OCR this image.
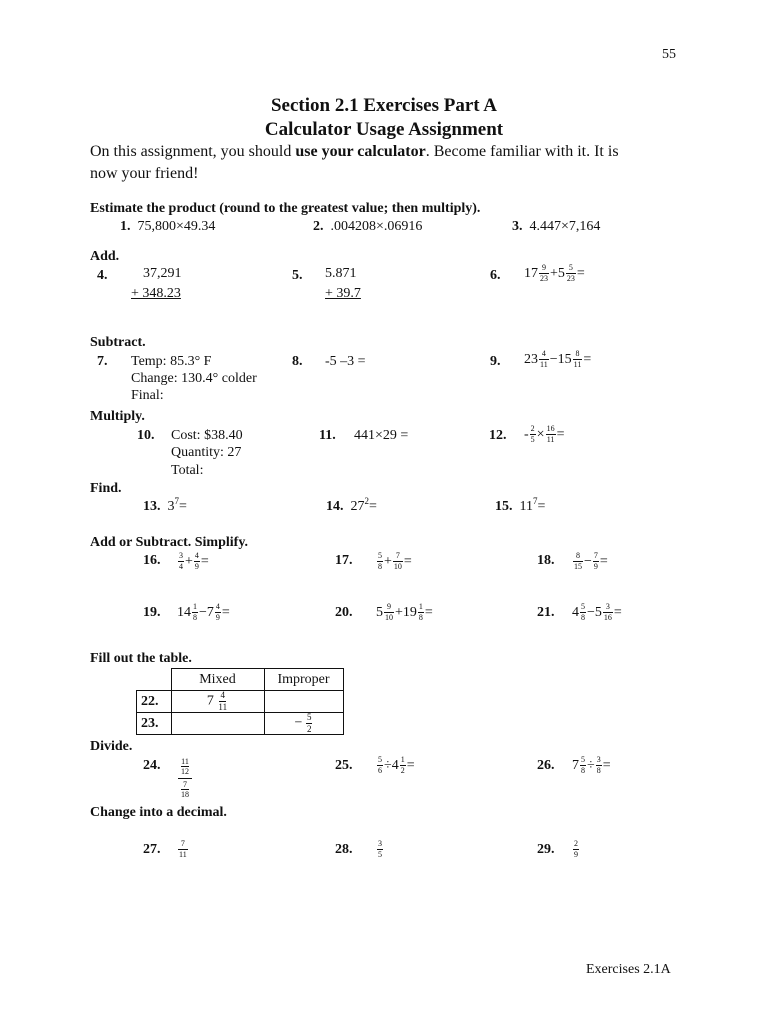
55
Section 2.1 Exercises Part A
Calculator Usage Assignment
On this assignment, you should use your calculator. Become familiar with it. It is
now your friend!
Estimate the product (round to the greatest value; then multiply).
1. 75,800×49.34	2. .004208×.06916	3. 4.447×7,164
Add.
4.	37,291
+ 348.23
5. 5.871
+ 39.7
6. $17 \frac{9}{23} +5 \frac{5}{23}$ =
Subtract.
7. Temp: 85.3° F
Change: 130.4° colder
Final:
8. -5 –3 =	9. $23 \frac{4}{11} -15 \frac{8}{11}$ =
Multiply.
10. Cost: $38.40
Quantity: 27
Total:
11. 441×29 =	12. - $\frac{2}{5} \times \frac{16}{11}$ =
Find.
13. $3^7=$	14. $27^2=$	15. $11^7=$
Add or Subtract. Simplify.
16. $\frac{3}{4} + \frac{4}{9}$ =	17.	$\frac{5}{8} + \frac{7}{10}$ =	18. $\frac{8}{15} - \frac{7}{9}$ =
19. $14 \frac{1}{8} -7 \frac{4}{9}$ =	20. $5 \frac{9}{10} +19 \frac{1}{8}$ =	21. $4 \frac{5}{8} -5 \frac{3}{16}$ =
Fill out the table.
	Mixed	Improper
22.	$7 \frac{4}{11}$

23.		− $\frac{5}{2}$
Divide.
24.	11
12
7
18
25.	$\frac{5}{6} \div 4 \frac{1}{2}$ =	26. $7 \frac{5}{8} \div \frac{3}{8}$ =
Change into a decimal.
27. $\frac{7}{11}$	28.	$\frac{3}{5}$	29. $\frac{2}{9}$
Exercises 2.1A
